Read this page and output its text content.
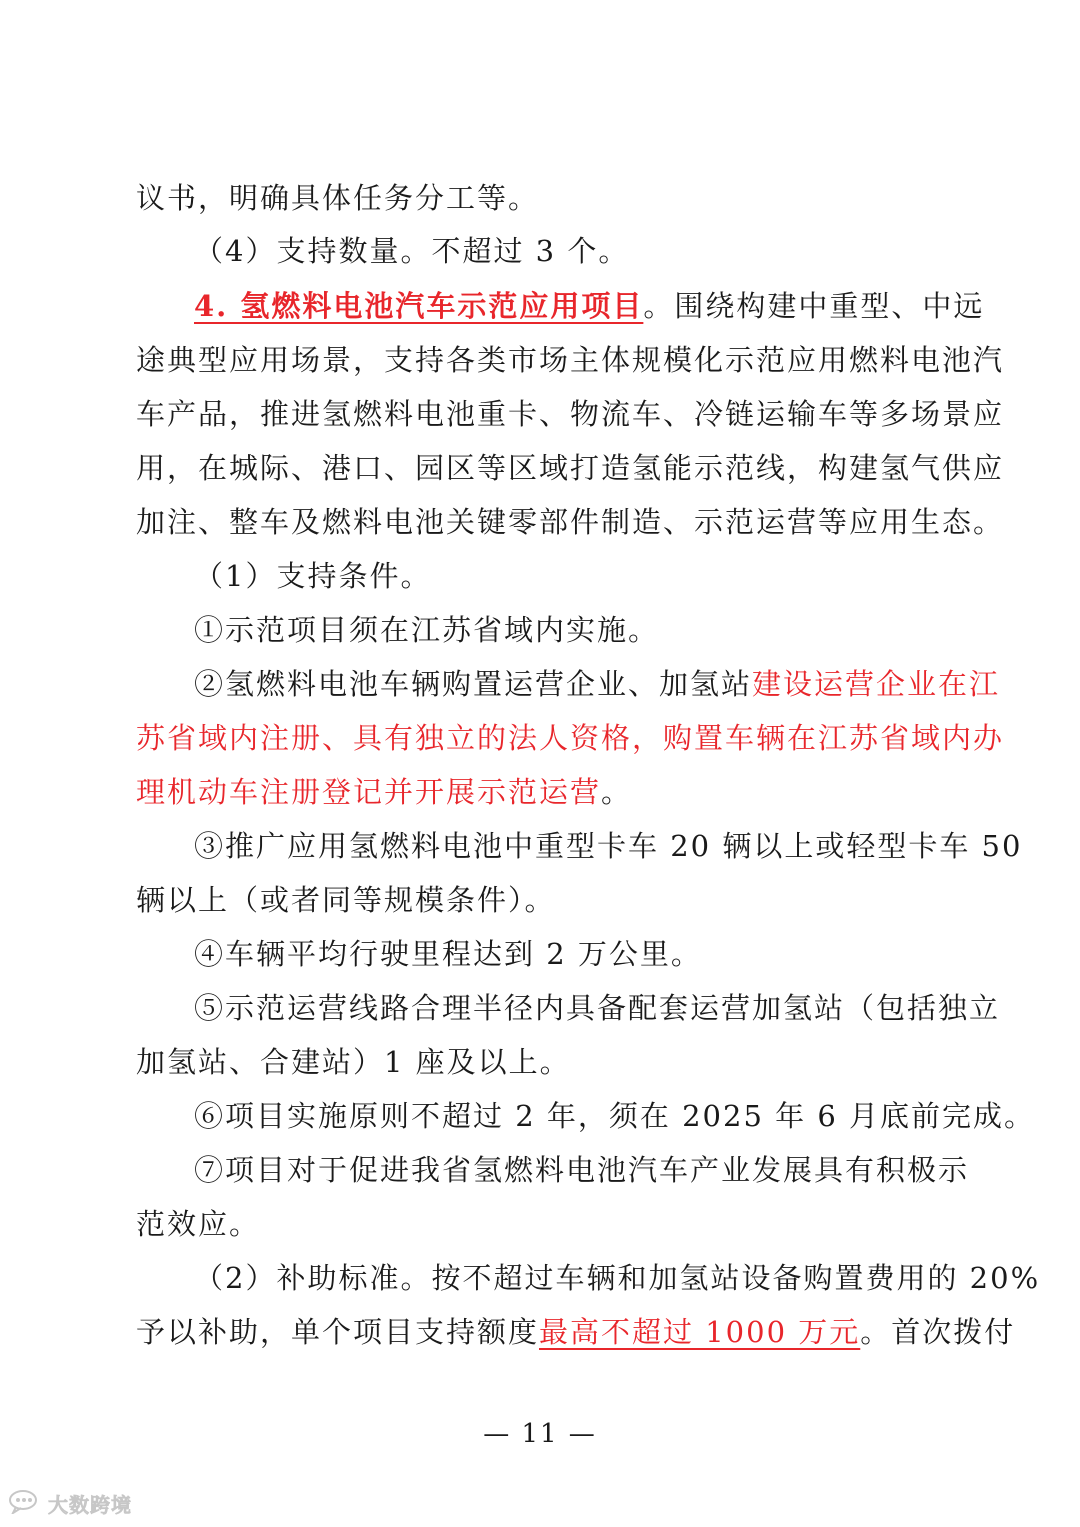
议书，明确具体任务分工等。
（4）支持数量。不超过 3 个。
4. 氢燃料电池汽车示范应用项目。围绕构建中重型、中远
途典型应用场景，支持各类市场主体规模化示范应用燃料电池汽
车产品，推进氢燃料电池重卡、物流车、冷链运输车等多场景应
用，在城际、港口、园区等区域打造氢能示范线，构建氢气供应
加注、整车及燃料电池关键零部件制造、示范运营等应用生态。
（1）支持条件。
①示范项目须在江苏省域内实施。
②氢燃料电池车辆购置运营企业、加氢站建设运营企业在江
苏省域内注册、具有独立的法人资格，购置车辆在江苏省域内办
理机动车注册登记并开展示范运营。
③推广应用氢燃料电池中重型卡车 20 辆以上或轻型卡车 50
辆以上（或者同等规模条件）。
④车辆平均行驶里程达到 2 万公里。
⑤示范运营线路合理半径内具备配套运营加氢站（包括独立
加氢站、合建站）1 座及以上。
⑥项目实施原则不超过 2 年，须在 2025 年 6 月底前完成。
⑦项目对于促进我省氢燃料电池汽车产业发展具有积极示
范效应。
（2）补助标准。按不超过车辆和加氢站设备购置费用的 20%
予以补助，单个项目支持额度最高不超过 1000 万元。首次拨付
— 11 —
大数跨境
